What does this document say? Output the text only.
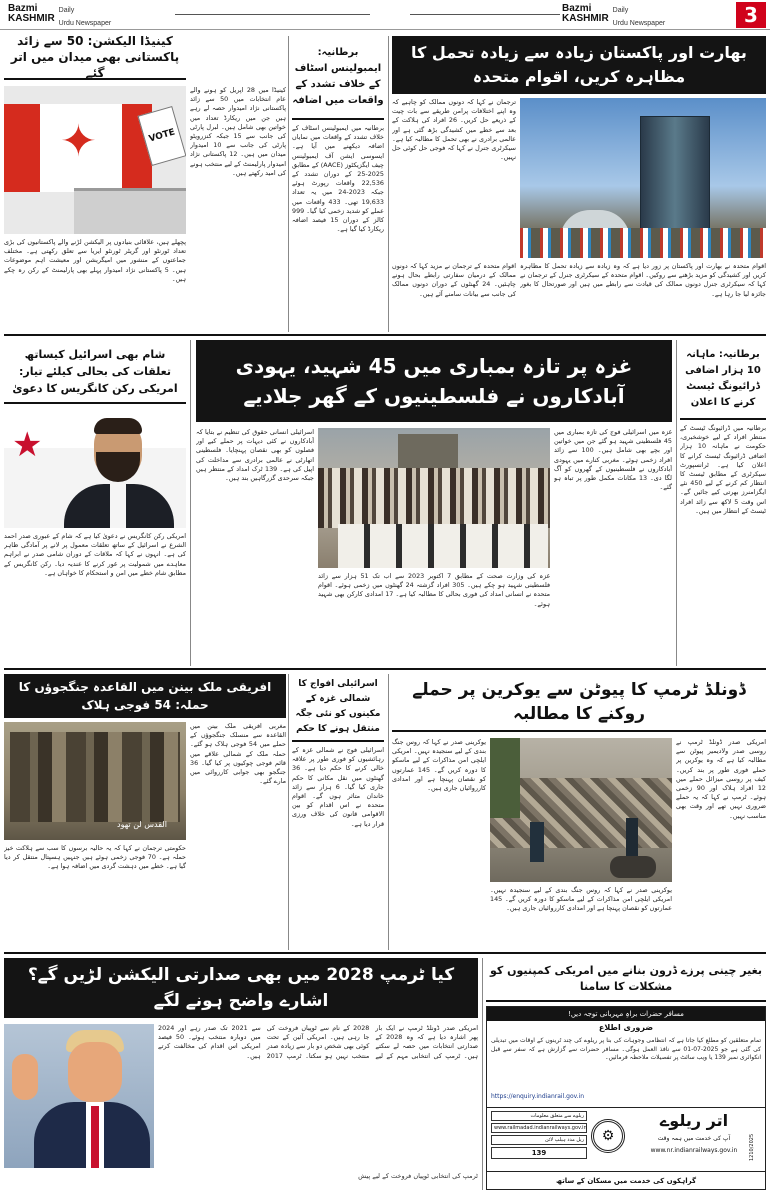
Bazmi
KASHMIR
Daily
Urdu Newspaper
Bazmi
KASHMIR
Daily
Urdu Newspaper	3
کینیڈا الیکشن: 50 سے زائد پاکستانی بھی میدان میں اتر گئے
✦	VOTE
کینیڈا میں 28 اپریل کو ہونے والے عام انتخابات میں 50 سے زائد پاکستانی نژاد امیدوار حصہ لے رہے ہیں جن میں ریکارڈ تعداد میں خواتین بھی شامل ہیں۔ لبرل پارٹی کی جانب سے 15 جبکہ کنزرویٹو پارٹی کی جانب سے 10 امیدوار میدان میں ہیں۔ 12 پاکستانی نژاد امیدوار پارلیمنٹ کے لیے منتخب ہونے کی امید رکھتے ہیں۔
پچھلے ہیں، علاقائی بنیادوں پر الیکشن لڑنے والے پاکستانیوں کی بڑی تعداد ٹورنٹو اور گریٹر ٹورنٹو ایریا سے تعلق رکھتی ہے۔ مختلف جماعتوں کے منشور میں امیگریشن اور معیشت اہم موضوعات ہیں۔ 5 پاکستانی نژاد امیدوار پہلے بھی پارلیمنٹ کے رکن رہ چکے ہیں۔
برطانیہ: ایمبولینس اسٹاف کے خلاف تشدد کے واقعات میں اضافہ
برطانیہ میں ایمبولینس اسٹاف کے خلاف تشدد کے واقعات میں نمایاں اضافہ دیکھنے میں آیا ہے۔ ایسوسی ایشن آف ایمبولینس چیف ایگزیکٹوز (AACE) کے مطابق 2025-25 کے دوران تشدد کے 22,536 واقعات رپورٹ ہوئے جبکہ 2023-24 میں یہ تعداد 19,633 تھی۔ 433 واقعات میں عملے کو شدید زخمی کیا گیا۔ 999 کالز کے دوران 15 فیصد اضافہ ریکارڈ کیا گیا ہے۔
بھارت اور پاکستان زیادہ سے زیادہ تحمل کا مظاہرہ کریں، اقوام متحدہ
ترجمان نے کہا کہ دونوں ممالک کو چاہیے کہ وہ اپنے اختلافات پرامن طریقے سے بات چیت کے ذریعے حل کریں۔ 26 افراد کی ہلاکت کے بعد سے خطے میں کشیدگی بڑھ گئی ہے اور عالمی برادری نے بھی تحمل کا مطالبہ کیا ہے۔ سیکرٹری جنرل نے کہا کہ فوجی حل کوئی حل نہیں۔
اقوام متحدہ نے بھارت اور پاکستان پر زور دیا ہے کہ وہ زیادہ سے زیادہ تحمل کا مظاہرہ کریں اور کشیدگی کو مزید بڑھنے سے روکیں۔ اقوام متحدہ کے سیکرٹری جنرل کے ترجمان نے کہا کہ سیکرٹری جنرل دونوں ممالک کی قیادت سے رابطے میں ہیں اور صورتحال کا بغور جائزہ لیا جا رہا ہے۔
اقوام متحدہ کے ترجمان نے مزید کہا کہ دونوں ممالک کے درمیان سفارتی رابطے بحال ہونے چاہئیں۔ 24 گھنٹوں کے دوران دونوں ممالک کی جانب سے بیانات سامنے آئے ہیں۔
شام بھی اسرائیل کیساتھ تعلقات کی بحالی کیلئے تیار: امریکی رکن کانگریس کا دعویٰ
★
امریکی رکن کانگریس نے دعویٰ کیا ہے کہ شام کے عبوری صدر احمد الشرع نے اسرائیل کے ساتھ تعلقات معمول پر لانے پر آمادگی ظاہر کی ہے۔ انہوں نے کہا کہ ملاقات کے دوران شامی صدر نے ابراہم معاہدے میں شمولیت پر غور کرنے کا عندیہ دیا۔ رکن کانگریس کے مطابق شام خطے میں امن و استحکام کا خواہاں ہے۔
غزہ پر تازہ بمباری میں 45 شہید، یہودی آبادکاروں نے فلسطینیوں کے گھر جلادیے
اسرائیلی انسانی حقوق کی تنظیم نے بتایا کہ آبادکاروں نے کئی دیہات پر حملے کیے اور فصلوں کو بھی نقصان پہنچایا۔ فلسطینی اتھارٹی نے عالمی برادری سے مداخلت کی اپیل کی ہے۔ 139 ٹرک امداد کے منتظر ہیں جبکہ سرحدی گزرگاہیں بند ہیں۔
غزہ کی وزارت صحت کے مطابق 7 اکتوبر 2023 سے اب تک 51 ہزار سے زائد فلسطینی شہید ہو چکے ہیں۔ 305 افراد گزشتہ 24 گھنٹوں میں زخمی ہوئے۔ اقوام متحدہ نے انسانی امداد کی فوری بحالی کا مطالبہ کیا ہے۔ 17 امدادی کارکن بھی شہید ہوئے۔
غزہ میں اسرائیلی فوج کی تازہ بمباری میں 45 فلسطینی شہید ہو گئے جن میں خواتین اور بچے بھی شامل ہیں۔ 100 سے زائد افراد زخمی ہوئے۔ مغربی کنارے میں یہودی آبادکاروں نے فلسطینیوں کے گھروں کو آگ لگا دی۔ 13 مکانات مکمل طور پر تباہ ہو گئے۔
برطانیہ: ماہانہ 10 ہزار اضافی ڈرائیونگ ٹیسٹ کرنے کا اعلان
برطانیہ میں ڈرائیونگ ٹیسٹ کے منتظر افراد کے لیے خوشخبری، حکومت نے ماہانہ 10 ہزار اضافی ڈرائیونگ ٹیسٹ کرانے کا اعلان کیا ہے۔ ٹرانسپورٹ سیکرٹری کے مطابق ٹیسٹ کا انتظار کم کرنے کے لیے 450 نئے ایگزامنرز بھرتی کیے جائیں گے۔ اس وقت 5 لاکھ سے زائد افراد ٹیسٹ کے انتظار میں ہیں۔
افریقی ملک بینن میں القاعدہ جنگجوؤں کا حملہ: 54 فوجی ہلاک
القدس لن تهود
مغربی افریقی ملک بینن میں القاعدہ سے منسلک جنگجوؤں کے حملے میں 54 فوجی ہلاک ہو گئے۔ حملہ ملک کے شمالی علاقے میں قائم فوجی چوکیوں پر کیا گیا۔ 36 جنگجو بھی جوابی کارروائی میں مارے گئے۔
حکومتی ترجمان نے کہا کہ یہ حالیہ برسوں کا سب سے ہلاکت خیز حملہ ہے۔ 70 فوجی زخمی ہوئے ہیں جنہیں ہسپتال منتقل کر دیا گیا ہے۔ خطے میں دہشت گردی میں اضافہ ہوا ہے۔
اسرائیلی افواج کا شمالی غزہ کے مکینوں کو نئی جگہ منتقل ہونے کا حکم
اسرائیلی فوج نے شمالی غزہ کے رہائشیوں کو فوری طور پر علاقہ خالی کرنے کا حکم دیا ہے۔ 36 گھنٹوں میں نقل مکانی کا حکم جاری کیا گیا۔ 6 ہزار سے زائد خاندان متاثر ہوں گے۔ اقوام متحدہ نے اس اقدام کو بین الاقوامی قانون کی خلاف ورزی قرار دیا ہے۔
ڈونلڈ ٹرمپ کا پیوٹن سے یوکرین پر حملے روکنے کا مطالبہ
یوکرینی صدر نے کہا کہ روس جنگ بندی کے لیے سنجیدہ نہیں۔ امریکی ایلچی امن مذاکرات کے لیے ماسکو کا دورہ کریں گے۔ 145 عمارتوں کو نقصان پہنچا ہے اور امدادی کارروائیاں جاری ہیں۔
یوکرینی صدر نے کہا کہ روس جنگ بندی کے لیے سنجیدہ نہیں۔ امریکی ایلچی امن مذاکرات کے لیے ماسکو کا دورہ کریں گے۔ 145 عمارتوں کو نقصان پہنچا ہے اور امدادی کارروائیاں جاری ہیں۔
امریکی صدر ڈونلڈ ٹرمپ نے روسی صدر ولادیمیر پیوٹن سے مطالبہ کیا ہے کہ وہ یوکرین پر حملے فوری طور پر بند کریں۔ کیف پر روسی میزائل حملے میں 12 افراد ہلاک اور 90 زخمی ہوئے۔ ٹرمپ نے کہا کہ یہ حملے ضروری نہیں تھے اور وقت بھی مناسب نہیں۔
کیا ٹرمپ 2028 میں بھی صدارتی الیکشن لڑیں گے؟ اشارے واضح ہونے لگے
امریکی صدر ڈونلڈ ٹرمپ نے ایک بار پھر اشارہ دیا ہے کہ وہ 2028 کے صدارتی انتخابات میں حصہ لے سکتے ہیں۔ ٹرمپ کی انتخابی مہم کے لیے 2028 کے نام سے ٹوپیاں فروخت کی جا رہی ہیں۔ امریکی آئین کے تحت کوئی بھی شخص دو بار سے زیادہ صدر منتخب نہیں ہو سکتا۔ ٹرمپ 2017 سے 2021 تک صدر رہے اور 2024 میں دوبارہ منتخب ہوئے۔ 50 فیصد امریکی اس اقدام کی مخالفت کرتے ہیں۔
ٹرمپ کی انتخابی ٹوپیاں فروخت کے لیے پیش
بغیر چینی پرزے ڈرون بنانے میں امریکی کمپنیوں کو مشکلات کا سامنا
مسافر حضرات براہِ مہربانی توجہ دیں!
ضروری اطلاع
تمام متعلقین کو مطلع کیا جاتا ہے کہ انتظامی وجوہات کی بنا پر ریلوے کی چند ٹرینوں کے اوقات میں تبدیلی کی گئی ہے جو 2025-07-01 سے نافذ العمل ہوگی۔ مسافر حضرات سے گزارش ہے کہ سفر سے قبل انکوائری نمبر 139 یا ویب سائٹ پر تفصیلات ملاحظہ فرمائیں۔
https://enquiry.indianrail.gov.in
ریلوے سے متعلق معلومات
www.railmadad.indianrailways.gov.in
ریل مدد ہیلپ لائن
139
⚙
اتر ریلوے
آپ کی خدمت میں ہمہ وقت
www.nr.indianrailways.gov.in	1210/2025
گراہکوں کی خدمت میں مسکان کے ساتھ
